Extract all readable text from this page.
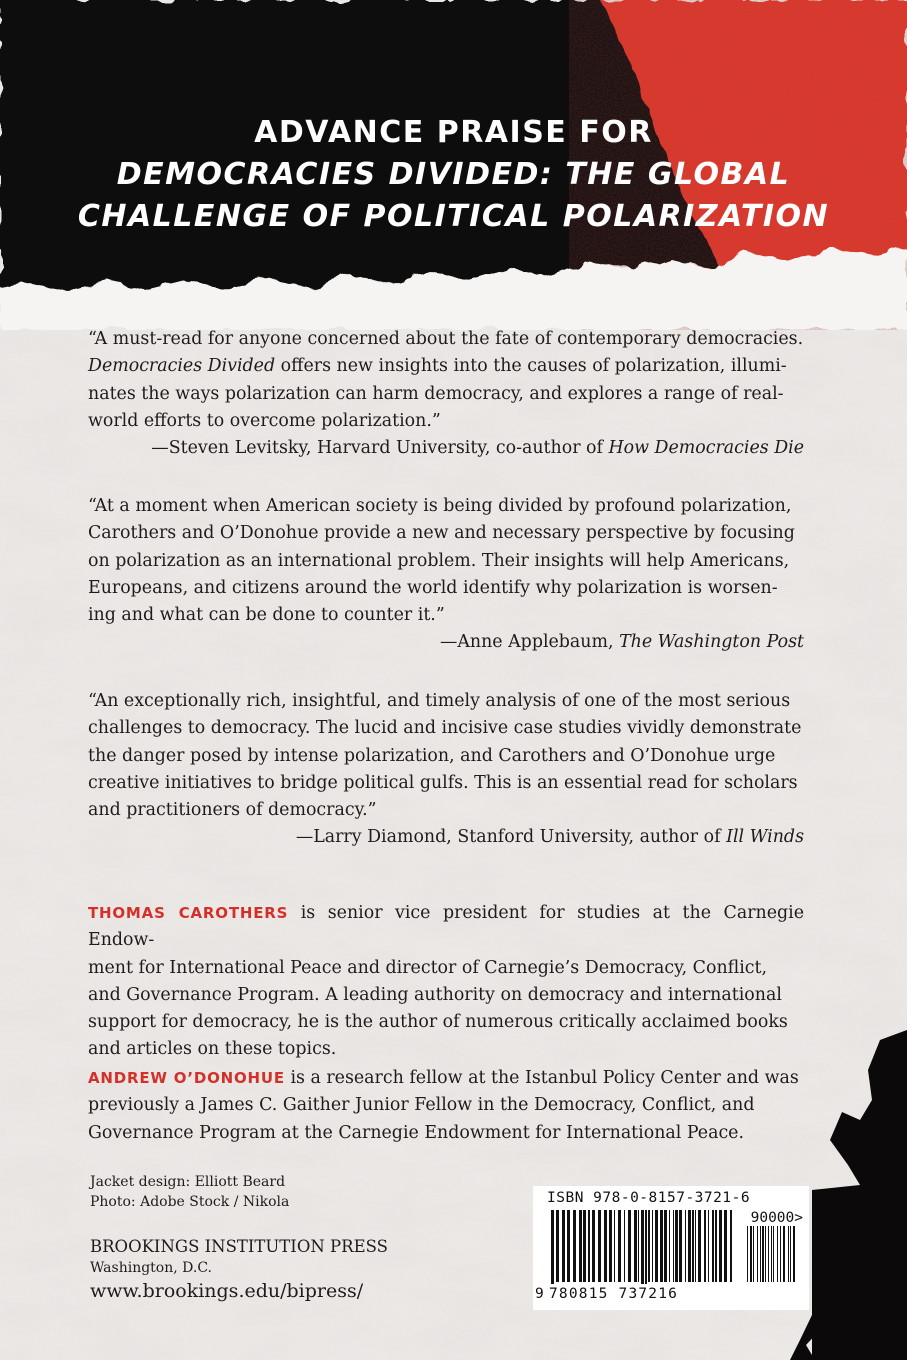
ADVANCE PRAISE FOR
DEMOCRACIES DIVIDED: THE GLOBAL
CHALLENGE OF POLITICAL POLARIZATION
“A must-read for anyone concerned about the fate of contemporary democracies.
Democracies Divided offers new insights into the causes of polarization, illumi-
nates the ways polarization can harm democracy, and explores a range of real-
world efforts to overcome polarization.”
—Steven Levitsky, Harvard University, co-author of How Democracies Die
“At a moment when American society is being divided by profound polarization,
Carothers and O’Donohue provide a new and necessary perspective by focusing
on polarization as an international problem. Their insights will help Americans,
Europeans, and citizens around the world identify why polarization is worsen-
ing and what can be done to counter it.”
—Anne Applebaum, The Washington Post
“An exceptionally rich, insightful, and timely analysis of one of the most serious
challenges to democracy. The lucid and incisive case studies vividly demonstrate
the danger posed by intense polarization, and Carothers and O’Donohue urge
creative initiatives to bridge political gulfs. This is an essential read for scholars
and practitioners of democracy.”
—Larry Diamond, Stanford University, author of Ill Winds
THOMAS CAROTHERS is senior vice president for studies at the Carnegie Endow-
ment for International Peace and director of Carnegie’s Democracy, Conflict,
and Governance Program. A leading authority on democracy and international
support for democracy, he is the author of numerous critically acclaimed books
and articles on these topics.
ANDREW O’DONOHUE is a research fellow at the Istanbul Policy Center and was
previously a James C. Gaither Junior Fellow in the Democracy, Conflict, and
Governance Program at the Carnegie Endowment for International Peace.
Jacket design: Elliott Beard
Photo: Adobe Stock / Nikola
BROOKINGS INSTITUTION PRESS
Washington, D.C.
www.brookings.edu/bipress/
ISBN 978-0-8157-3721-6
90000>
9 780815 737216
